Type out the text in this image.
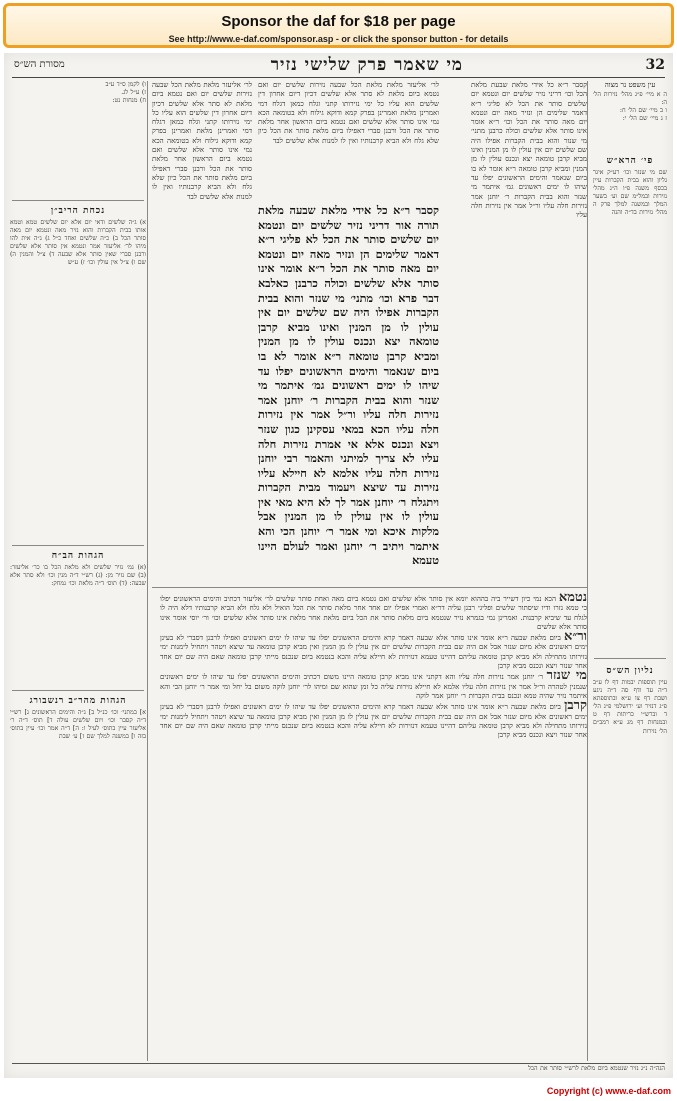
Sponsor the daf for $18 per page
See http://www.e-daf.com/sponsor.asp - or click the sponsor button - for details
32
מי שאמר פרק שלישי נזיר
מסורת הש״ס
עין משפט נר מצוה
ה א מיי׳ פ״ג מהל׳ נזירות הל׳ ה:
ו ב מיי׳ שם הל׳ ח:
ז ג מיי׳ שם הל׳ י:
פי׳ הרא״ש
שם מי שנזר וכו׳ רע״ק איגר גליון והוא בבית הקברות עיין בכסף משנה פ״ו ה״ג מהל׳ נזירות ובמל״מ שם וע׳ בשער המלך ובמשנה למלך פרק ה מהל׳ נזירות בד״ה והנה
נליון הש״ס
עיין תוספות יבמות דף לו ע״ב ד״ה עד ודף סה ד״ה ניגע ושבת דף צו ע״א ובתוספתא פ״ג דנזיר וע׳ ירושלמי פ״ג הל׳ ד וברש״י כריתות דף ט ובמנחות דף מג ע״א רמב״ם הל׳ נזירות
קסבר ר״א כל אידי מלאת שבעת מלאת הכל וכו׳ דריני נזיר שלשים יום ונטמא יום שלשים סותר את הכל לא פליגי ר״א דאמר שלימים הן ונזיר מאה יום ונטמא יום מאה סותר את הכל וכו׳ ר״א אומר אינו סותר אלא שלשים וכולה כרבנן מתני׳ מי שנזר והוא בבית הקברות אפילו היה שם שלשים יום אין עולין לו מן המנין ואינו מביא קרבן טומאה יצא ונכנס עולין לו מן המנין ומביא קרבן טומאה ר״א אומר לא בו ביום שנאמר והימים הראשונים יפלו עד שיהו לו ימים ראשונים גמ׳ איתמר מי שנזר והוא בבית הקברות ר׳ יוחנן אמר נזירות חלה עליו ור״ל אמר אין נזירות חלה עליו
לר׳ אליעזר מלאת מלאת הכל שבעה נזירות שלשים יום ואם נטמא ביום מלאת לא סתר אלא שלשים דכיון דיום אחרון דין שלשים הוא עליו כל ימי נזירותו קתני וגלח כמאן דגלח דמי ואמרינן מלאת ואמרינן בפרק קמא ודוקא גילוח ולא בטומאה הכא נמי אינו סותר אלא שלשים ואם נטמא ביום הראשון אחר מלאת סותר את הכל ורבנן סברי דאפילו ביום מלאת סותר את הכל כיון שלא גלח ולא הביא קרבנותיו ואין לו למנות אלא שלשים לבד
קסבר ר״א כל אידי מלאת שבעה מלאת תורה אור דריני נזיר שלשים יום ונטמא יום שלשים סותר את הכל לא פליגי ר״א דאמר שלימים הן ונזיר מאה יום ונטמא יום מאה סותר את הכל ר״א אומר אינו סותר אלא שלשים וכולה כרבנן כאלבא דבר פרא וכו׳ מתני׳ מי שנזר והוא בבית הקברות אפילו היה שם שלשים יום אין עולין לו מן המנין ואינו מביא קרבן טומאה יצא ונכנס עולין לו מן המנין ומביא קרבן טומאה ר״א אומר לא בו ביום שנאמר והימים הראשונים יפלו עד שיהו לו ימים ראשונים גמ׳ איתמר מי שנזר והוא בבית הקברות ר׳ יוחנן אמר נזירות חלה עליו ור״ל אמר אין נזירות חלה עליו הכא במאי עסקינן כגון שנזר ויצא ונכנס אלא אי אמרת נזירות חלה עליו לא צריך למיתני והאמר רבי יוחנן נזירות חלה עליו אלמא לא חיילא עליו נזירות עד שיצא ויעמוד מבית הקברות ויתגלח ר׳ יוחנן אמר לך לא היא מאי אין עולין לו אין עולין לו מן המנין אבל מלקות איכא ומי אמר ר׳ יוחנן הכי והא איתמר ויתיב ר׳ יוחנן ואמר לעולם היינו טעמא
לר׳ אליעזר מלאת מלאת הכל שבעה נזירות שלשים יום ואם נטמא ביום מלאת לא סתר אלא שלשים דכיון דיום אחרון דין שלשים הוא עליו כל ימי נזירותו קתני וגלח כמאן דגלח דמי ואמרינן מלאת ואמרינן בפרק קמא ודוקא גילוח ולא בטומאה הכא נמי אינו סותר אלא שלשים ואם נטמא ביום הראשון אחר מלאת סותר את הכל ורבנן סברי דאפילו ביום מלאת סותר את הכל כיון שלא גלח ולא הביא קרבנותיו ואין לו למנות אלא שלשים לבד
נטמא הכא נמי כיון דשייר ביה בההוא יומא אין סותר אלא שלשים ואם נטמא ביום מאה ואחת סותר שלשים לר׳ אליעזר דכתיב והימים הראשונים יפלו כי טמא נזרו ודיו שיסתור שלשים ופליגי רבנן עליה דר״א ואמרי אפילו יום אחד אחר מלאת סותר את הכל הואיל ולא גלח ולא הביא קרבנותיו דלא היה לו לגלח עד שיביא קרבנות. ואמרינן נמי בגמרא נזיר שנטמא ביום מלאת סותר את הכל ביום מלאת אחר מלאת אינו סותר אלא שלשים וכו׳ ור׳ יוסי אומר אינו סותר אלא שלשים
ור״א ביום מלאת שבעה ר״א אומר אינו סותר אלא שבעה דאמר קרא והימים הראשונים יפלו עד שיהו לו ימים ראשונים ואפילו לרבנן דסברי לא בעינן ימים ראשונים אלא מיום שנזר אבל אם היה שם בבית הקברות שלשים יום אין עולין לו מן המנין ואין מביא קרבן טומאה עד שיצא ויטהר ויתחיל לימנות ימי נזירותו מתחילה ולא מביא קרבן טומאה עליהם דהיינו טעמא דנזירות לא חיילא עליה והכא בנטמא ביום שנכנס מייתי קרבן טומאה שאם היה שם יום אחד אחר שנזר ויצא ונכנס מביא קרבן
מי שנזר ר׳ יוחנן אמר נזירות חלה עליו והא דקתני אינו מביא קרבן טומאה היינו משום דכתיב והימים הראשונים יפלו עד שיהו לו ימים ראשונים שנמנין לטהרה ור״ל אמר אין נזירות חלה עליו אלמא לא חיילא נזירות עליה כל זמן שהוא שם ומיהו לר׳ יוחנן לוקה משום בל יחל ומי אמר ר׳ יוחנן הכי והא איתמר נזיר שהיה טמא ונכנס בבית הקברות ר׳ יוחנן אמר לוקה
קרבן ביום מלאת שבעה ר״א אומר אינו סותר אלא שבעה דאמר קרא והימים הראשונים יפלו עד שיהו לו ימים ראשונים ואפילו לרבנן דסברי לא בעינן ימים ראשונים אלא מיום שנזר אבל אם היה שם בבית הקברות שלשים יום אין עולין לו מן המנין ואין מביא קרבן טומאה עד שיצא ויטהר ויתחיל לימנות ימי נזירותו מתחילה ולא מביא קרבן טומאה עליהם דהיינו טעמא דנזירות לא חיילא עליה והכא בנטמא ביום שנכנס מייתי קרבן טומאה שאם היה שם יום אחד אחר שנזר ויצא ונכנס מביא קרבן
ו) לקמן ס״ד ע״ב
ז) ע״ל לג.
ח) מנחות נט:
נכחת הריב״ן
א) ג״ה שלשים ודאי יום אלא יום שלשים טמא וטמא אותו בבית הקברות והוא נזיר מאה ונטמא יום מאה סותר הכל ב) כ״ה שלשים ואחד כ״ל ג) ג״ה אית להו מיהו לר׳ אליעזר אמר ונטמא אין סותר אלא שלשים ורבנן סברי שאין סותר אלא שבעה ד) צ״ל והמנין ה) שם ו) צ״ל אין עולין וכו׳ ז) ע״ש
הגהות הב״ח
(א) גמ׳ נזיר שלשים ולא מלאת הכל בו כר׳ אליעזר: (ב) שם נזיר מן: (ג) רש״י ד״ה מנין וכו׳ ולא סתר אלא שבעה: (ד) תוס׳ ד״ה מלאת וכו׳ נמחק:
הגהות מהר״ב רנשבורג
א] במתני׳ וכו׳ כנ״ל ב] ג״ה והימים הראשונים ג] רש״י ד״ה קסבר וכו׳ ויום שלשים עולה ד] תוס׳ ד״ה ר׳ אליעזר עיין בתוס׳ לעיל ו: ה] ד״ה אמר וכו׳ עיין בתוס׳ בזה ו] במשנה למלך שם ז] ע׳ שבת
הגה״ה נ״ג נזיר שנטמא ביום מלאת לרש״י סותר את הכל
Copyright (c) www.e-daf.com
